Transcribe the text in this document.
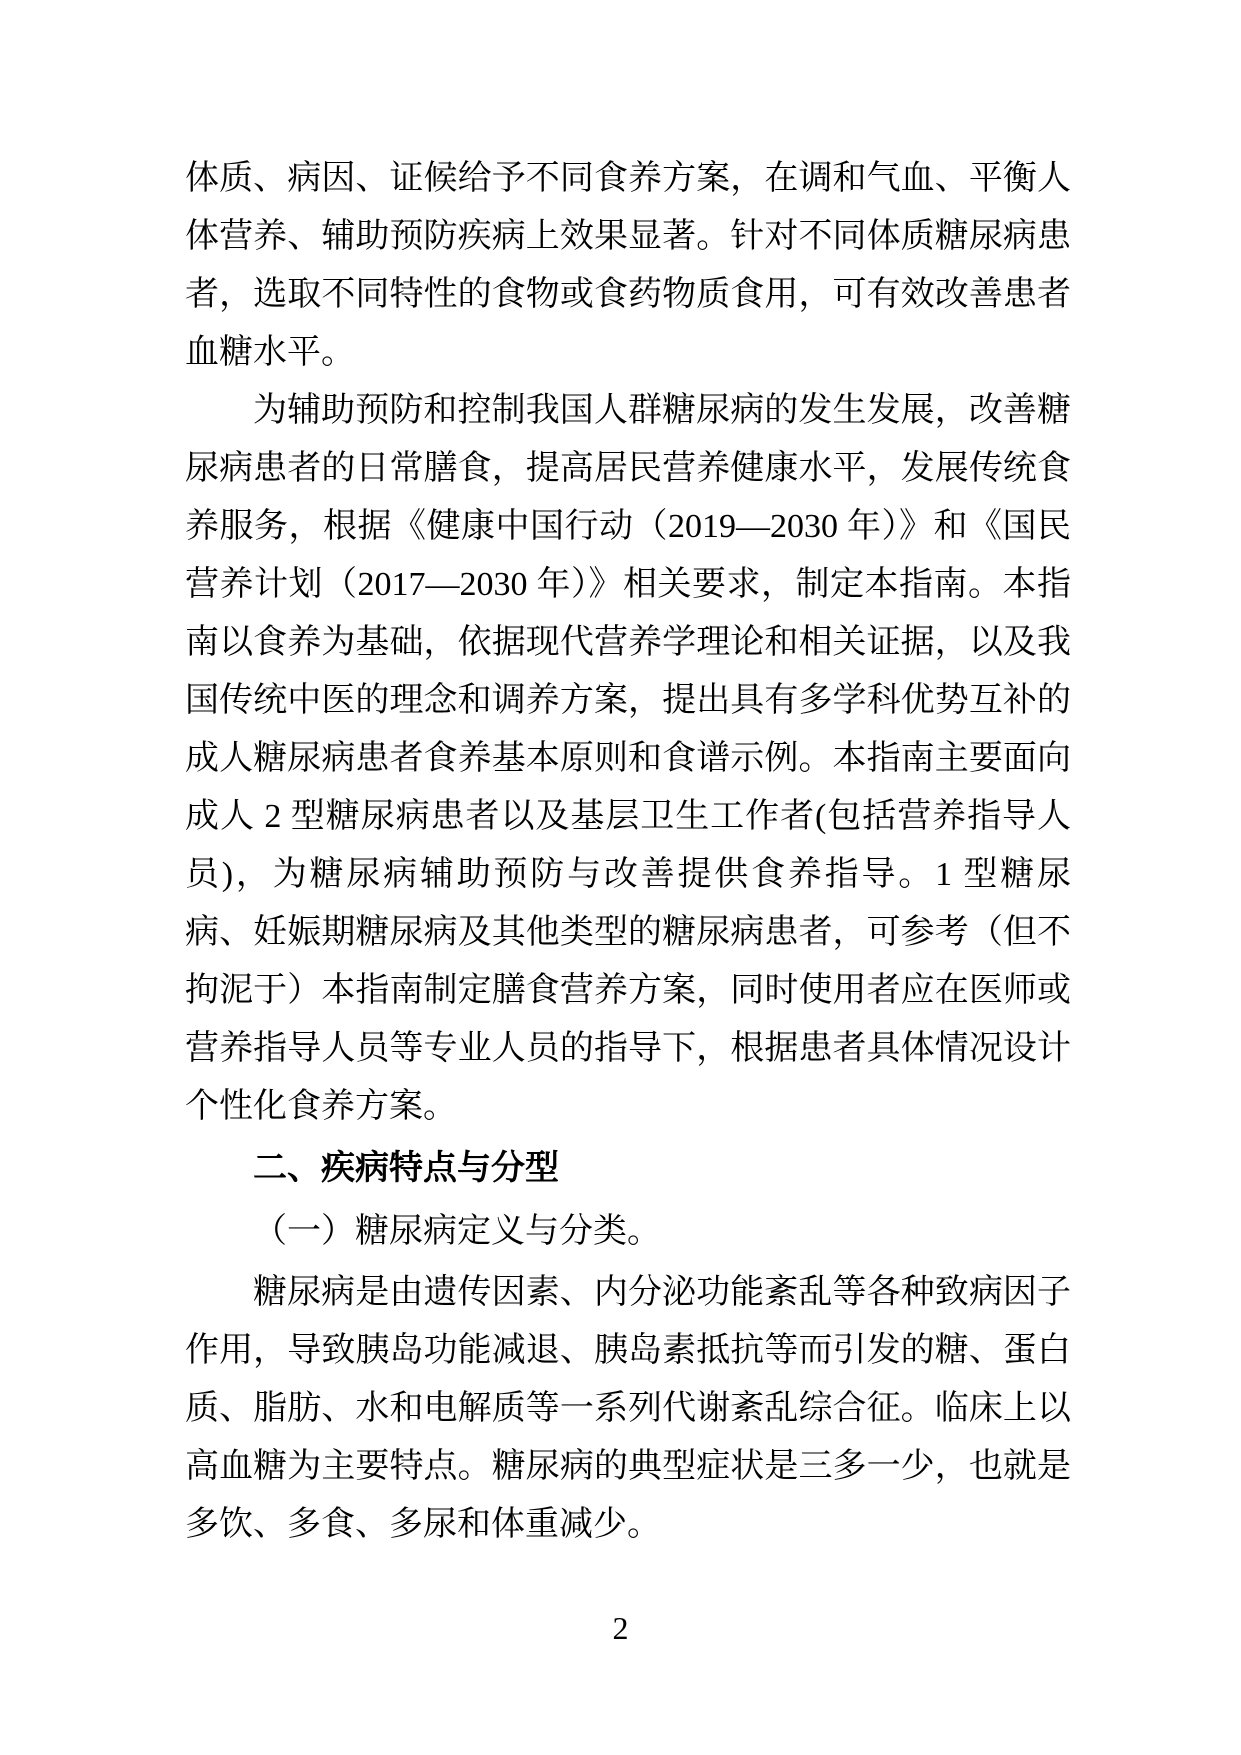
体质、病因、证候给予不同食养方案，在调和气血、平衡人体营养、辅助预防疾病上效果显著。针对不同体质糖尿病患者，选取不同特性的食物或食药物质食用，可有效改善患者血糖水平。

为辅助预防和控制我国人群糖尿病的发生发展，改善糖尿病患者的日常膳食，提高居民营养健康水平，发展传统食养服务，根据《健康中国行动（2019—2030 年）》和《国民营养计划（2017—2030 年）》相关要求，制定本指南。本指南以食养为基础，依据现代营养学理论和相关证据，以及我国传统中医的理念和调养方案，提出具有多学科优势互补的成人糖尿病患者食养基本原则和食谱示例。本指南主要面向成人 2 型糖尿病患者以及基层卫生工作者(包括营养指导人员)，为糖尿病辅助预防与改善提供食养指导。1 型糖尿病、妊娠期糖尿病及其他类型的糖尿病患者，可参考（但不拘泥于）本指南制定膳食营养方案，同时使用者应在医师或营养指导人员等专业人员的指导下，根据患者具体情况设计个性化食养方案。

二、疾病特点与分型

（一）糖尿病定义与分类。

糖尿病是由遗传因素、内分泌功能紊乱等各种致病因子作用，导致胰岛功能减退、胰岛素抵抗等而引发的糖、蛋白质、脂肪、水和电解质等一系列代谢紊乱综合征。临床上以高血糖为主要特点。糖尿病的典型症状是三多一少，也就是多饮、多食、多尿和体重减少。

2
